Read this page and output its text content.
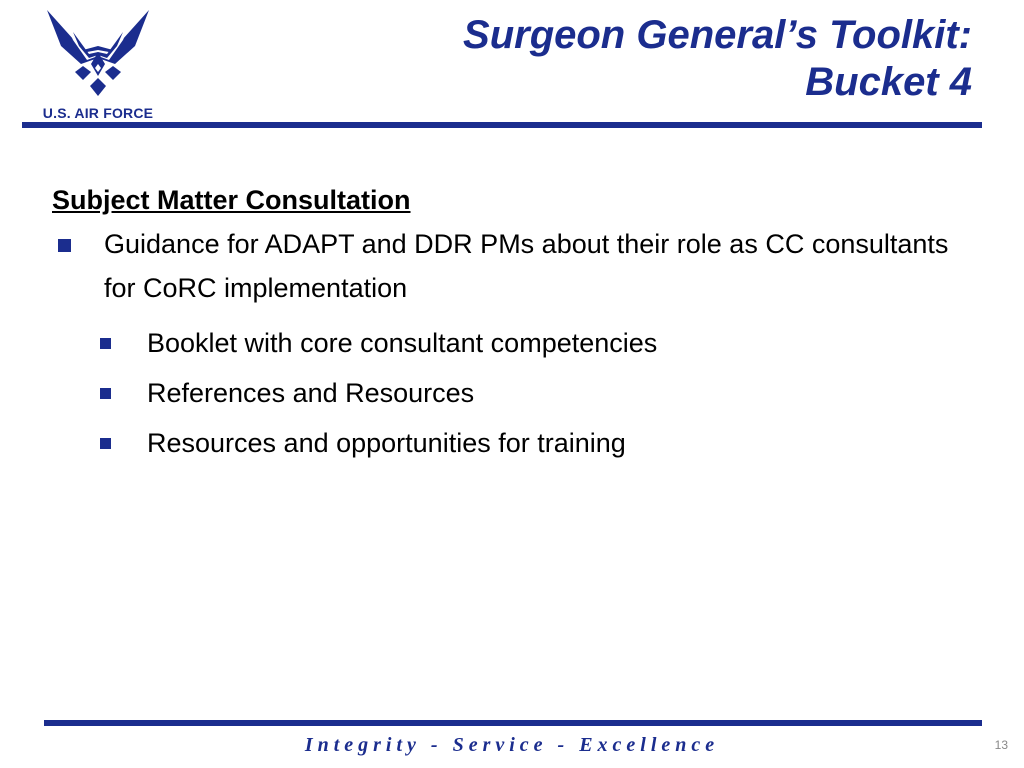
U.S. AIR FORCE
Surgeon General’s Toolkit:
Bucket 4

Subject Matter Consultation

Guidance for ADAPT and DDR PMs about their role as CC consultants for CoRC implementation
Booklet with core consultant competencies
References and Resources
Resources and opportunities for training
Integrity - Service - Excellence	13
